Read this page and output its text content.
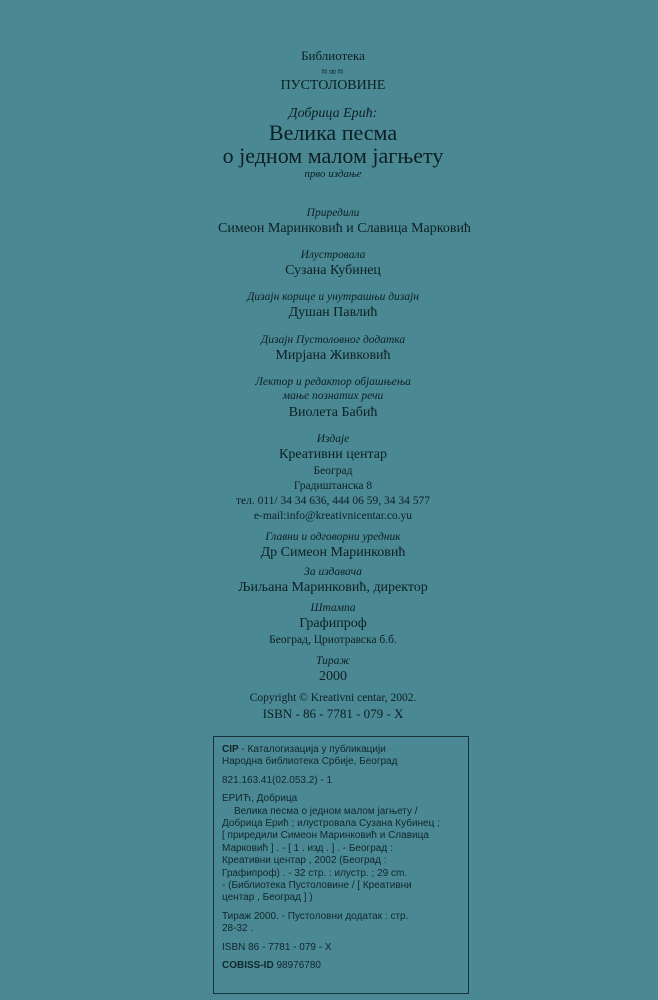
Библиотека
≈∞≈
ПУСТОЛОВИНЕ
Добрица Ерић:
Велика песма
о једном малом јагњету
прво издање
Приредили
Симеон Маринковић и Славица Марковић
Илустровала
Сузана Кубинец
Дизајн корице и унутрашњи дизајн
Душан Павлић
Дизајн Пустоловног додатка
Мирјана Живковић
Лектор и редактор објашњења
мање познатих речи
Виолета Бабић
Издаје
Креативни центар
Београд
Градиштанска 8
тел. 011/ 34 34 636, 444 06 59, 34 34 577
e-mail:info@kreativnicentar.co.yu
Главни и одговорни уредник
Др Симеон Маринковић
За издавача
Љиљана Маринковић, директор
Штампа
Графипроф
Београд, Цриотравска б.б.
Тираж
2000
Copyright © Kreativni centar, 2002.
ISBN - 86 - 7781 - 079 - X
CIP - Каталогизација у публикацији
Народна библиотека Србије, Београд
821.163.41(02.053.2) - 1
ЕРИЋ, Добрица
Велика песма о једном малом јагњету /
Добрица Ерић ; илустровала Сузана Кубинец ;
[ приредили Симеон Маринковић и Славица
Марковић ] . - [ 1 . изд . ] . - Београд :
Креативни центар , 2002 (Београд :
Графипроф) . - 32 стр. : илустр. ; 29 cm.
- (Библиотека Пустоловине / [ Креативни
центар , Београд ] )
Тираж 2000. - Пустоловни додатак : стр.
28-32 .
ISBN 86 - 7781 - 079 - X
COBISS-ID 98976780
